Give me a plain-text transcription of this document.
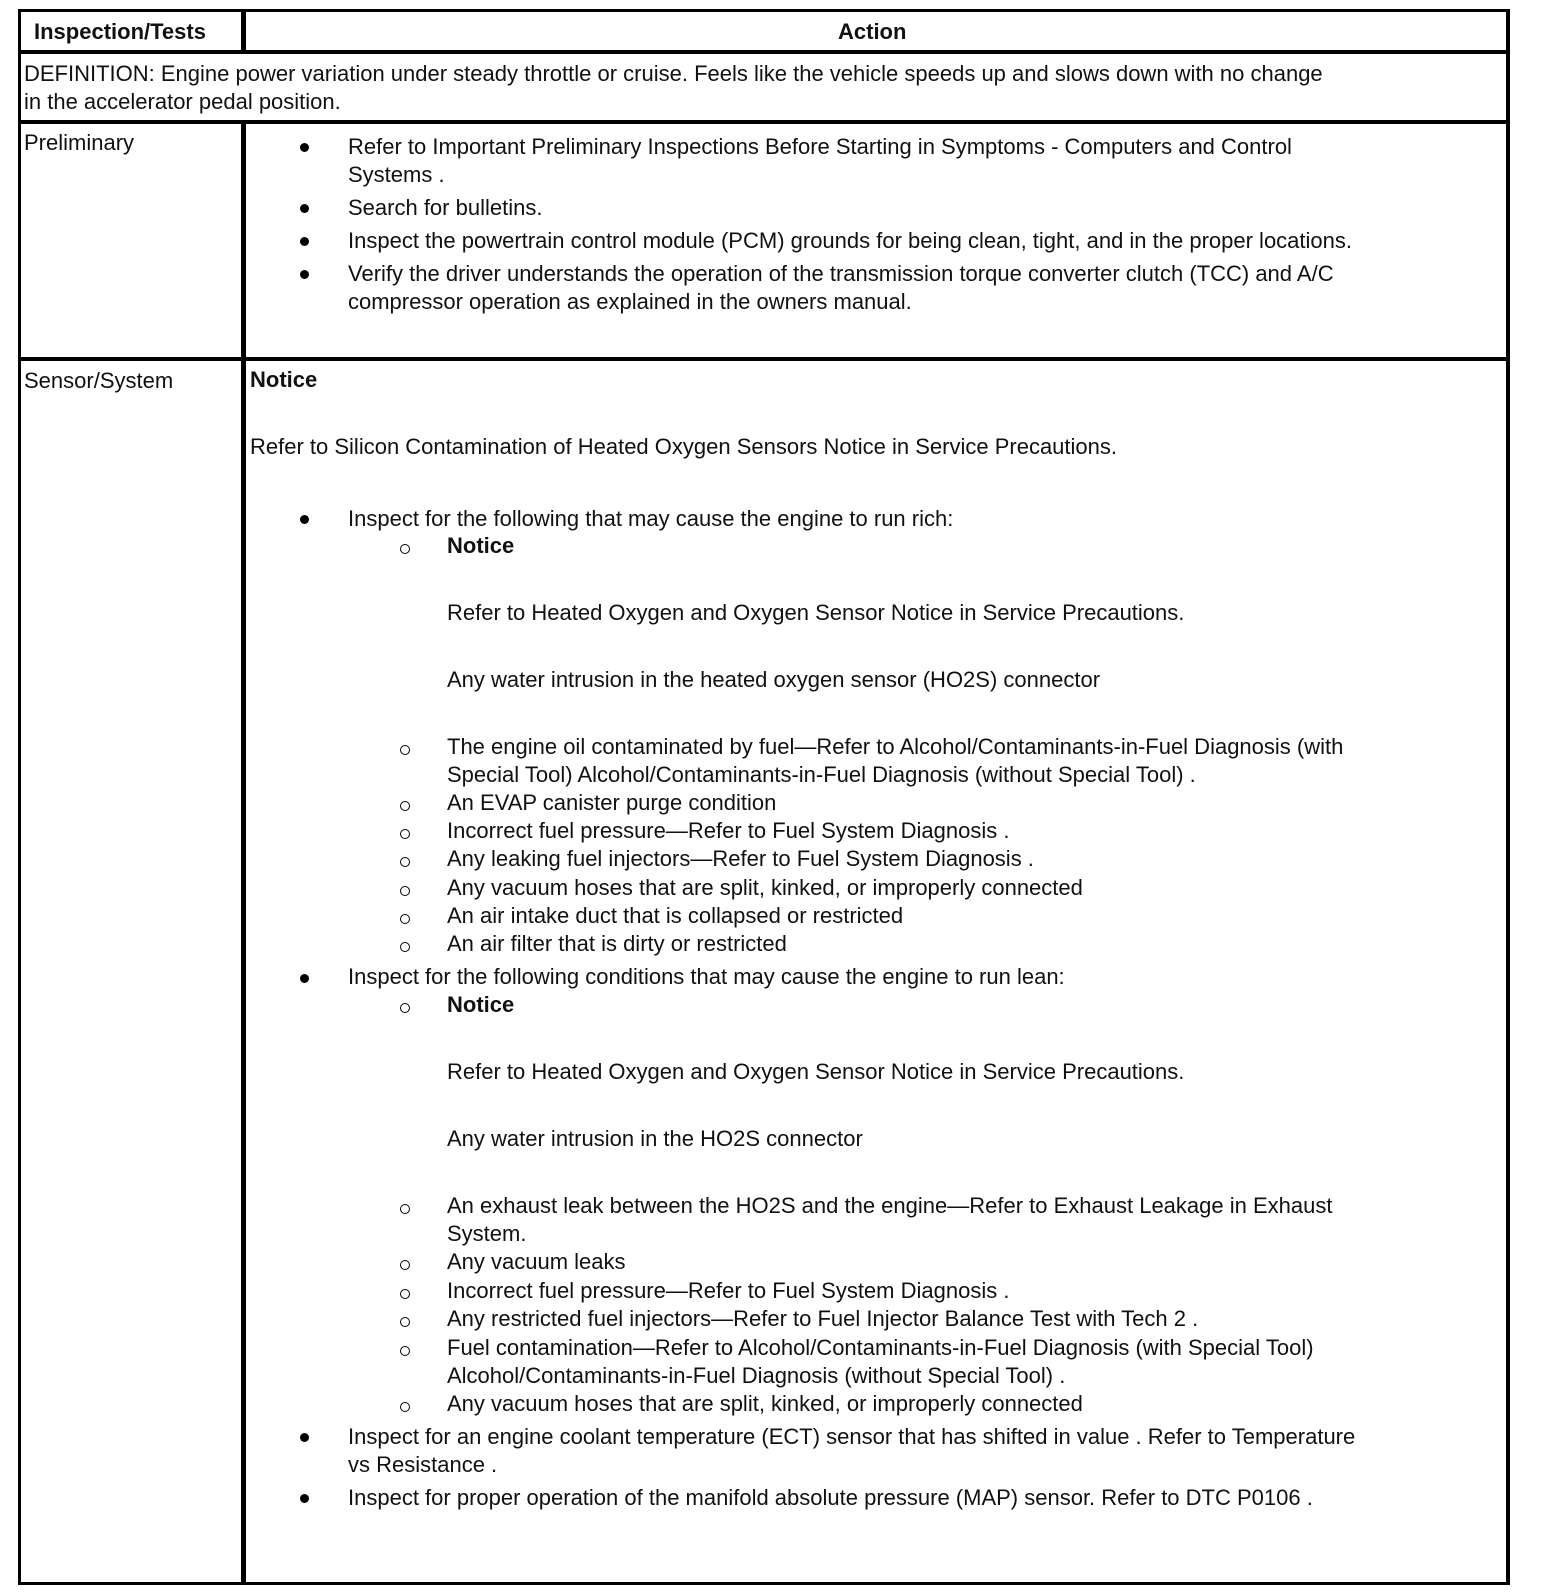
Inspection/Tests	Action
DEFINITION: Engine power variation under steady throttle or cruise. Feels like the vehicle speeds up and slows down with no change
in the accelerator pedal position.
Preliminary	Refer to Important Preliminary Inspections Before Starting in Symptoms - Computers and Control
Systems .
Search for bulletins.
Inspect the powertrain control module (PCM) grounds for being clean, tight, and in the proper locations.
Verify the driver understands the operation of the transmission torque converter clutch (TCC) and A/C
compressor operation as explained in the owners manual.
Sensor/System	Notice
Refer to Silicon Contamination of Heated Oxygen Sensors Notice in Service Precautions.
Inspect for the following that may cause the engine to run rich:
Notice
Refer to Heated Oxygen and Oxygen Sensor Notice in Service Precautions.
Any water intrusion in the heated oxygen sensor (HO2S) connector
The engine oil contaminated by fuel—Refer to Alcohol/Contaminants-in-Fuel Diagnosis (with
Special Tool) Alcohol/Contaminants-in-Fuel Diagnosis (without Special Tool) .
An EVAP canister purge condition
Incorrect fuel pressure—Refer to Fuel System Diagnosis .
Any leaking fuel injectors—Refer to Fuel System Diagnosis .
Any vacuum hoses that are split, kinked, or improperly connected
An air intake duct that is collapsed or restricted
An air filter that is dirty or restricted
Inspect for the following conditions that may cause the engine to run lean:
Notice
Refer to Heated Oxygen and Oxygen Sensor Notice in Service Precautions.
Any water intrusion in the HO2S connector
An exhaust leak between the HO2S and the engine—Refer to Exhaust Leakage in Exhaust
System.
Any vacuum leaks
Incorrect fuel pressure—Refer to Fuel System Diagnosis .
Any restricted fuel injectors—Refer to Fuel Injector Balance Test with Tech 2 .
Fuel contamination—Refer to Alcohol/Contaminants-in-Fuel Diagnosis (with Special Tool)
Alcohol/Contaminants-in-Fuel Diagnosis (without Special Tool) .
Any vacuum hoses that are split, kinked, or improperly connected
Inspect for an engine coolant temperature (ECT) sensor that has shifted in value . Refer to Temperature
vs Resistance .
Inspect for proper operation of the manifold absolute pressure (MAP) sensor. Refer to DTC P0106 .
